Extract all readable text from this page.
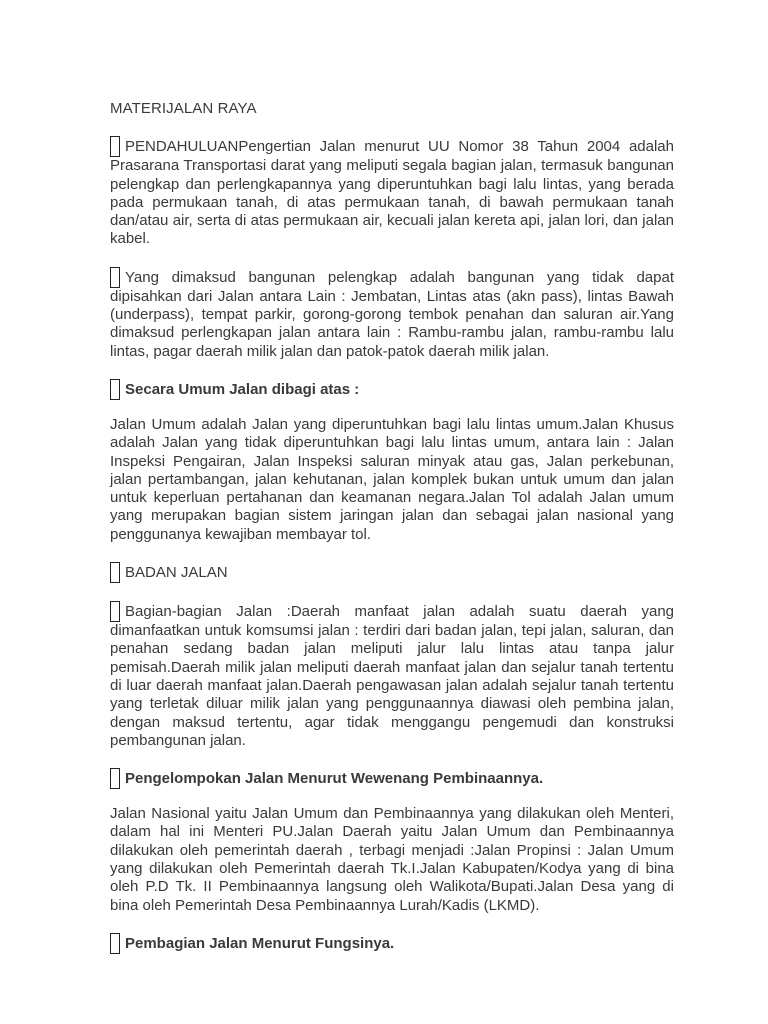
MATERIJALAN RAYA
PENDAHULUANPengertian Jalan menurut UU Nomor 38 Tahun 2004 adalah Prasarana Transportasi darat yang meliputi segala bagian jalan, termasuk bangunan pelengkap dan perlengkapannya yang diperuntuhkan bagi lalu lintas, yang berada pada permukaan tanah, di atas permukaan tanah, di bawah permukaan tanah dan/atau air, serta di atas permukaan air, kecuali jalan kereta api, jalan lori, dan jalan kabel.
Yang dimaksud bangunan pelengkap adalah bangunan yang tidak dapat dipisahkan dari Jalan antara Lain : Jembatan, Lintas atas (akn pass), lintas Bawah (underpass), tempat parkir, gorong-gorong tembok penahan dan saluran air.Yang dimaksud perlengkapan jalan antara lain : Rambu-rambu jalan, rambu-rambu lalu lintas, pagar daerah milik jalan dan patok-patok daerah milik jalan.
Secara Umum Jalan dibagi atas :
Jalan Umum adalah Jalan yang diperuntuhkan bagi lalu lintas umum.Jalan Khusus adalah Jalan yang tidak diperuntuhkan bagi lalu lintas umum, antara lain : Jalan Inspeksi Pengairan, Jalan Inspeksi saluran minyak atau gas, Jalan perkebunan, jalan pertambangan, jalan kehutanan, jalan komplek bukan untuk umum dan jalan untuk keperluan pertahanan dan keamanan negara.Jalan Tol adalah Jalan umum yang merupakan bagian sistem jaringan jalan dan sebagai jalan nasional yang penggunanya kewajiban membayar tol.
BADAN JALAN
Bagian-bagian Jalan :Daerah manfaat jalan adalah suatu daerah yang dimanfaatkan untuk komsumsi jalan : terdiri dari badan jalan, tepi jalan, saluran, dan penahan sedang badan jalan meliputi jalur lalu lintas atau tanpa jalur pemisah.Daerah milik jalan meliputi daerah manfaat jalan dan sejalur tanah tertentu di luar daerah manfaat jalan.Daerah pengawasan jalan adalah sejalur tanah tertentu yang terletak diluar milik jalan yang penggunaannya diawasi oleh pembina jalan, dengan maksud tertentu, agar tidak menggangu pengemudi dan konstruksi pembangunan jalan.
Pengelompokan Jalan Menurut Wewenang Pembinaannya.
Jalan Nasional yaitu Jalan Umum dan Pembinaannya yang dilakukan oleh Menteri, dalam hal ini Menteri PU.Jalan Daerah yaitu Jalan Umum dan Pembinaannya dilakukan oleh pemerintah daerah , terbagi menjadi :Jalan Propinsi : Jalan Umum yang dilakukan oleh Pemerintah daerah Tk.I.Jalan Kabupaten/Kodya yang di bina oleh P.D Tk. II Pembinaannya langsung oleh Walikota/Bupati.Jalan Desa yang di bina oleh Pemerintah Desa Pembinaannya Lurah/Kadis (LKMD).
Pembagian Jalan Menurut Fungsinya.
